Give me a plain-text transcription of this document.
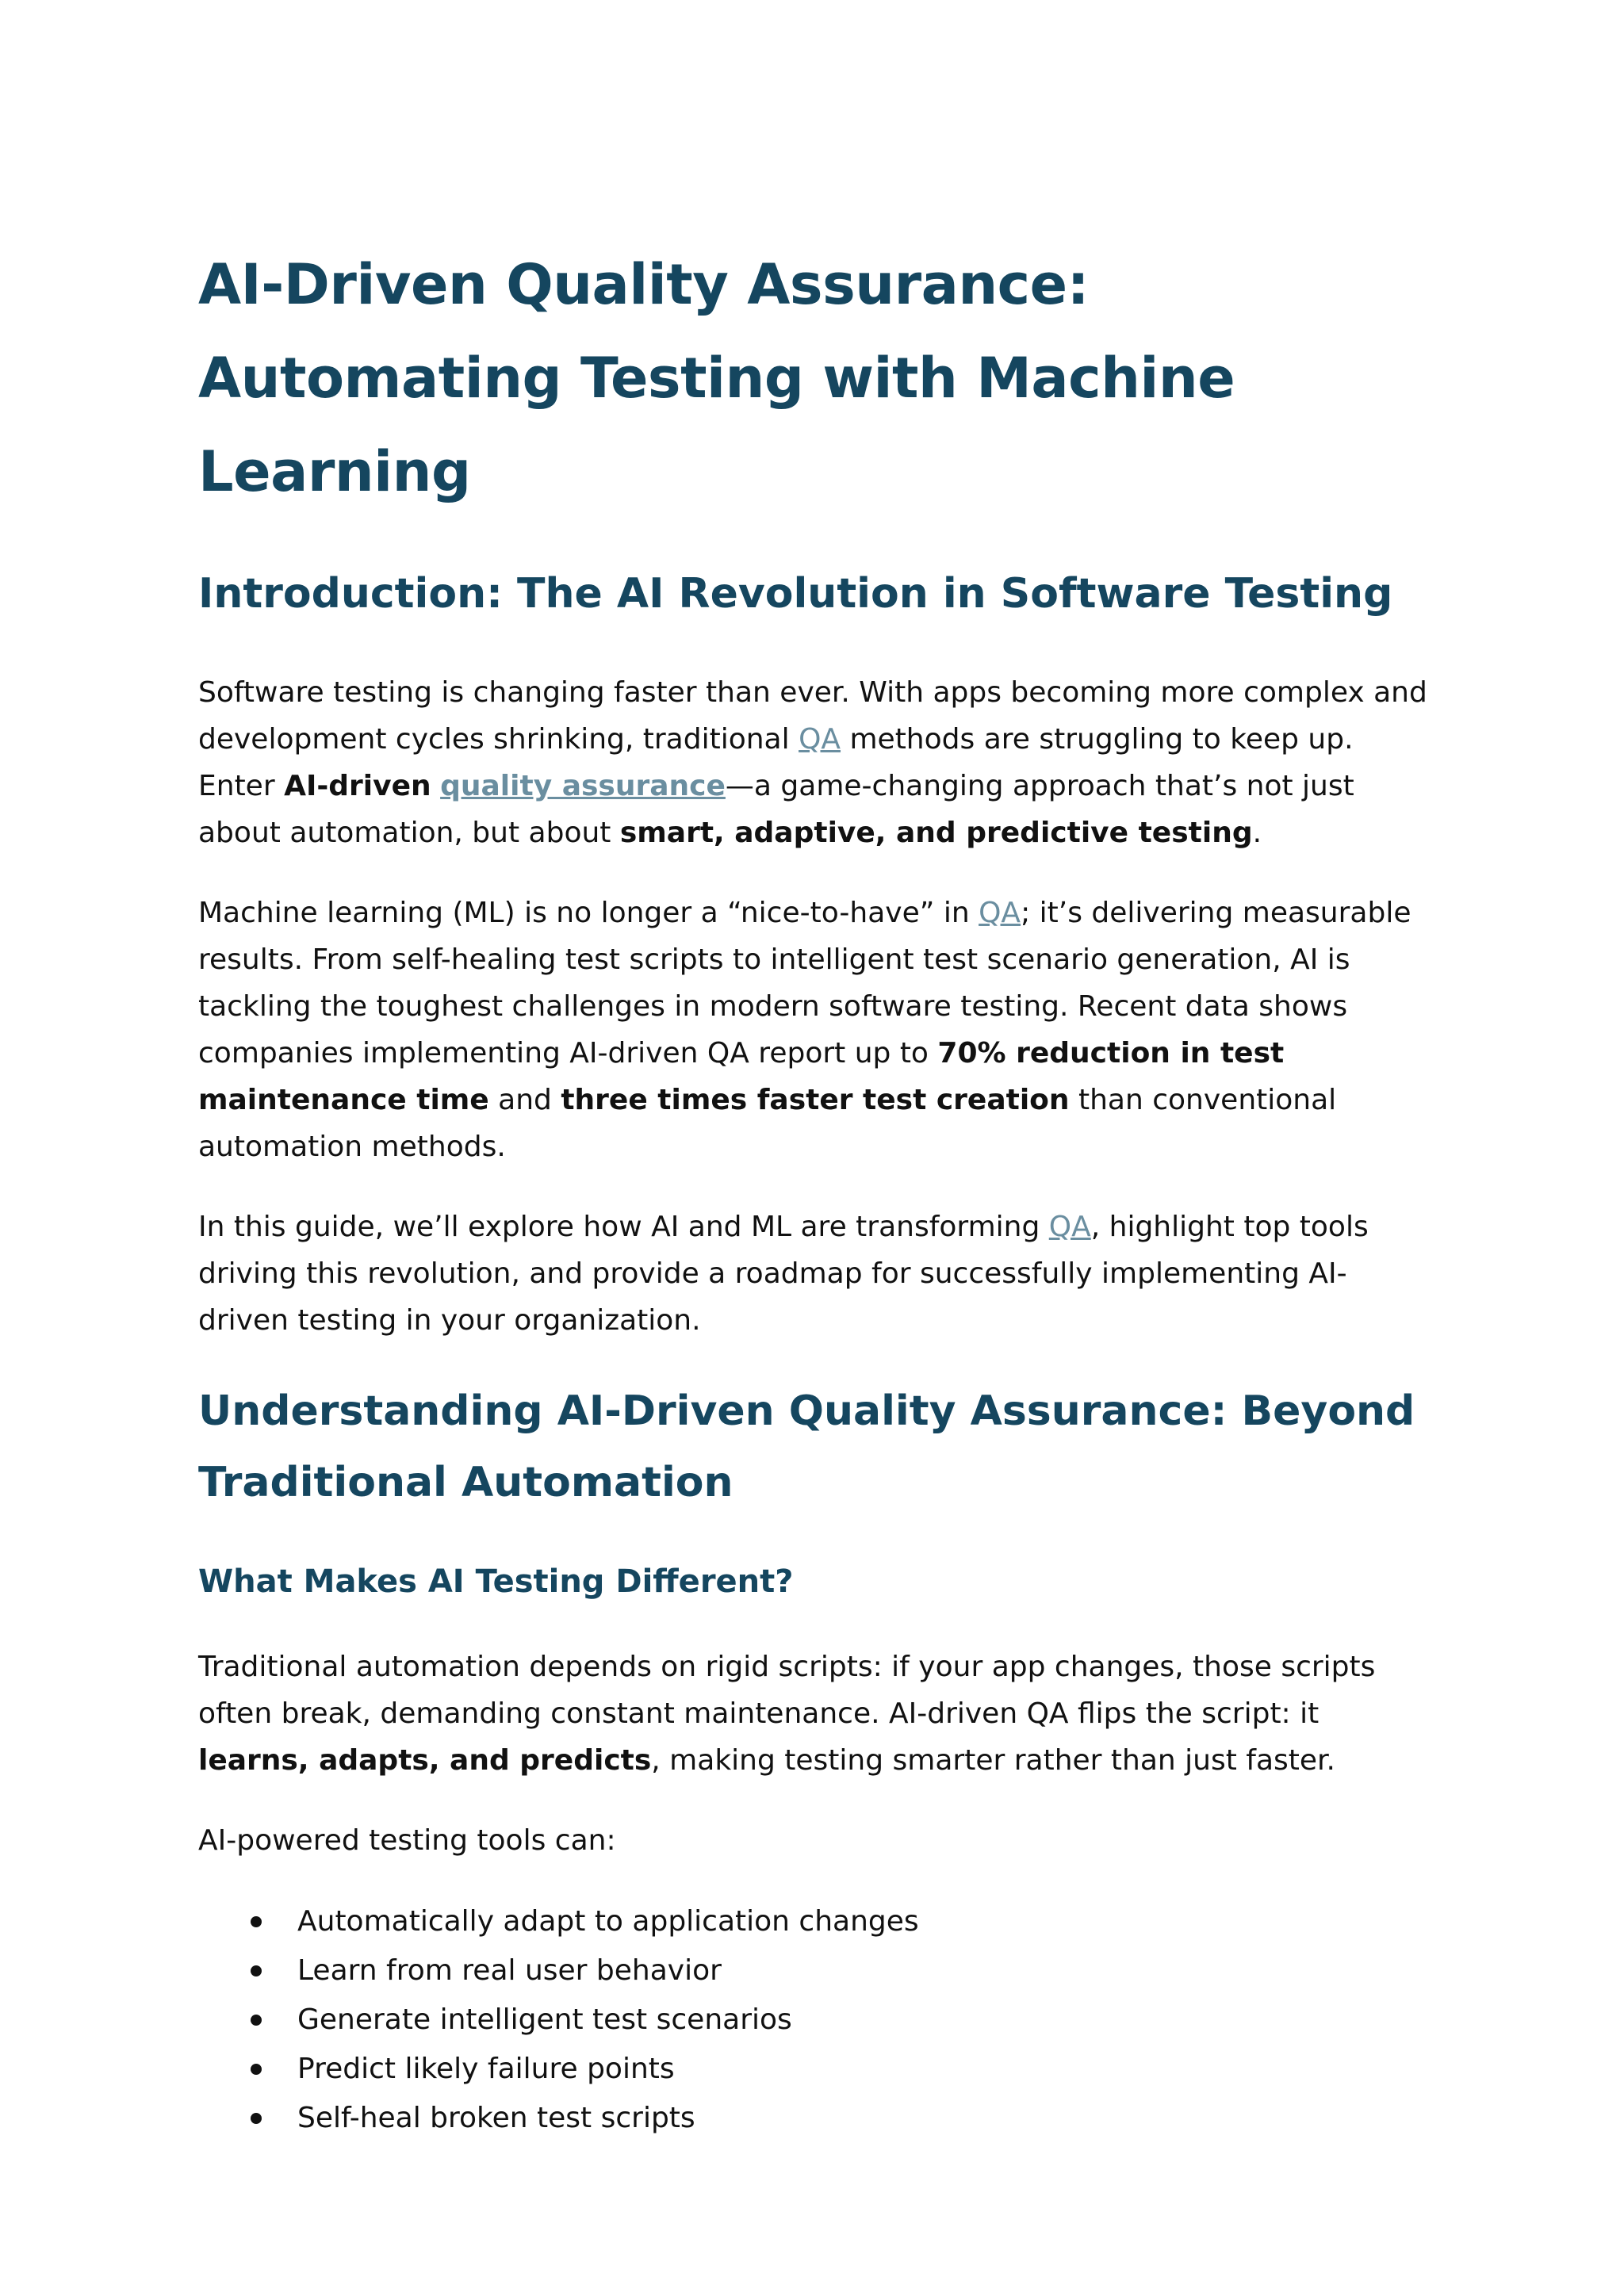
AI-Driven Quality Assurance: Automating Testing with Machine Learning
Introduction: The AI Revolution in Software Testing

Software testing is changing faster than ever. With apps becoming more complex and development cycles shrinking, traditional QA methods are struggling to keep up. Enter AI-driven quality assurance—a game-changing approach that’s not just about automation, but about smart, adaptive, and predictive testing.

Machine learning (ML) is no longer a “nice-to-have” in QA; it’s delivering measurable results. From self-healing test scripts to intelligent test scenario generation, AI is tackling the toughest challenges in modern software testing. Recent data shows companies implementing AI-driven QA report up to 70% reduction in test maintenance time and three times faster test creation than conventional automation methods.

In this guide, we’ll explore how AI and ML are transforming QA, highlight top tools driving this revolution, and provide a roadmap for successfully implementing AI-driven testing in your organization.

Understanding AI-Driven Quality Assurance: Beyond Traditional Automation
What Makes AI Testing Different?

Traditional automation depends on rigid scripts: if your app changes, those scripts often break, demanding constant maintenance. AI-driven QA flips the script: it learns, adapts, and predicts, making testing smarter rather than just faster.

AI-powered testing tools can:

Automatically adapt to application changes
Learn from real user behavior
Generate intelligent test scenarios
Predict likely failure points
Self-heal broken test scripts
